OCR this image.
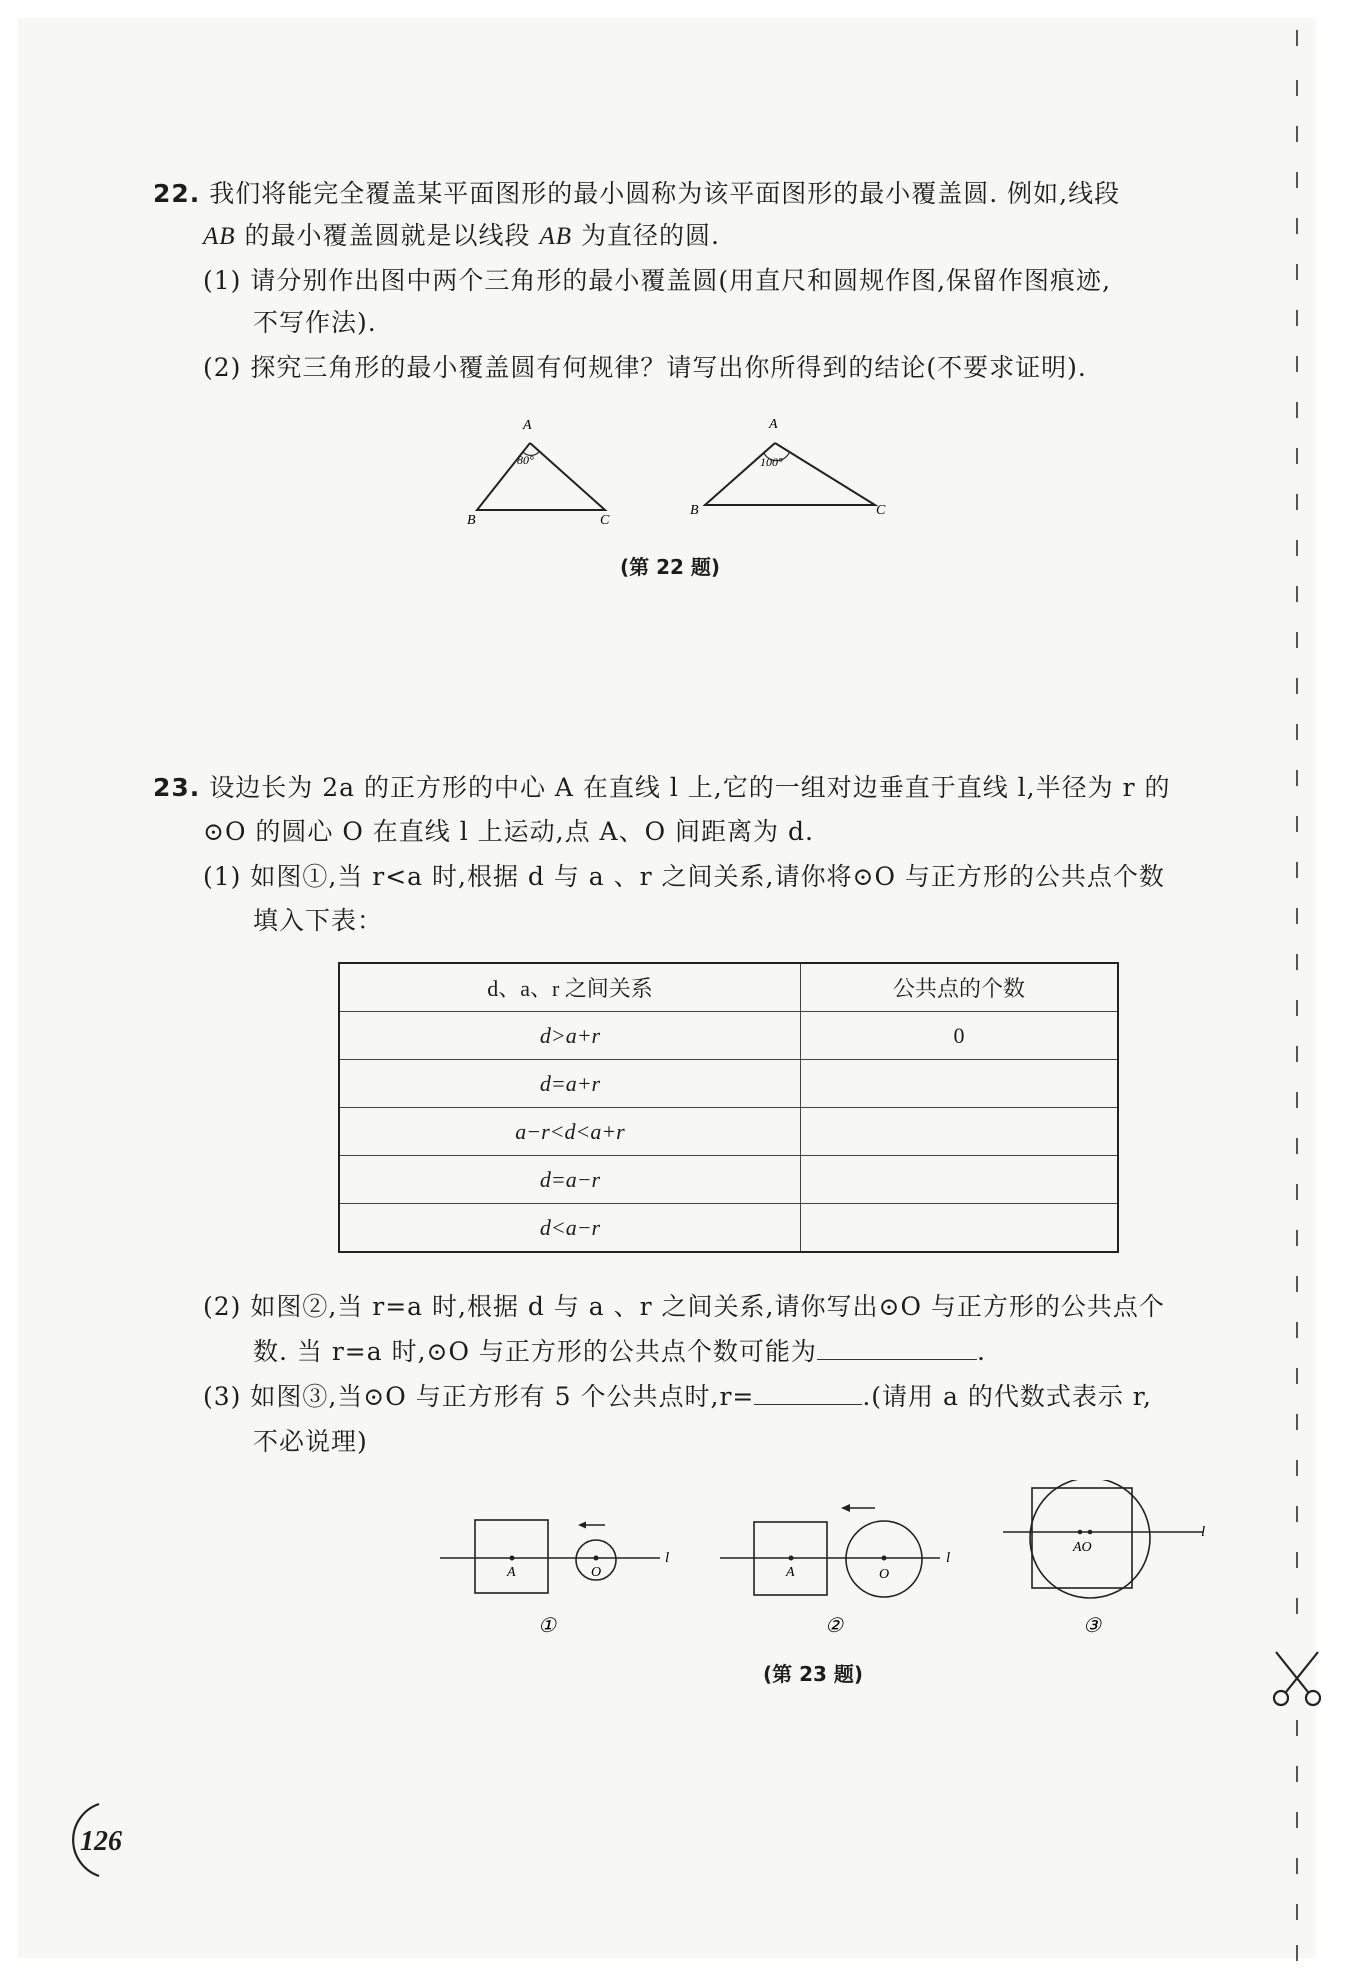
22. 我们将能完全覆盖某平面图形的最小圆称为该平面图形的最小覆盖圆. 例如,线段
AB 的最小覆盖圆就是以线段 AB 为直径的圆.
(1) 请分别作出图中两个三角形的最小覆盖圆(用直尺和圆规作图,保留作图痕迹,
不写作法).
(2) 探究三角形的最小覆盖圆有何规律？请写出你所得到的结论(不要求证明).
A
B	C
80°
A
B	C
100°
(第 22 题)
23. 设边长为 2a 的正方形的中心 A 在直线 l 上,它的一组对边垂直于直线 l,半径为 r 的
⊙O 的圆心 O 在直线 l 上运动,点 A、O 间距离为 d.
(1) 如图①,当 r<a 时,根据 d 与 a 、r 之间关系,请你将⊙O 与正方形的公共点个数
填入下表：
d、a、r 之间关系	公共点的个数
d>a+r	0
d=a+r	
a−r<d<a+r	
d=a−r	
d<a−r	
(2) 如图②,当 r=a 时,根据 d 与 a 、r 之间关系,请你写出⊙O 与正方形的公共点个
数. 当 r=a 时,⊙O 与正方形的公共点个数可能为	.
(3) 如图③,当⊙O 与正方形有 5 个公共点时,r=	.(请用 a 的代数式表示 r,
不必说理)
A	O
l
①
A	O
l
②
AO
l
③
(第 23 题)
126
